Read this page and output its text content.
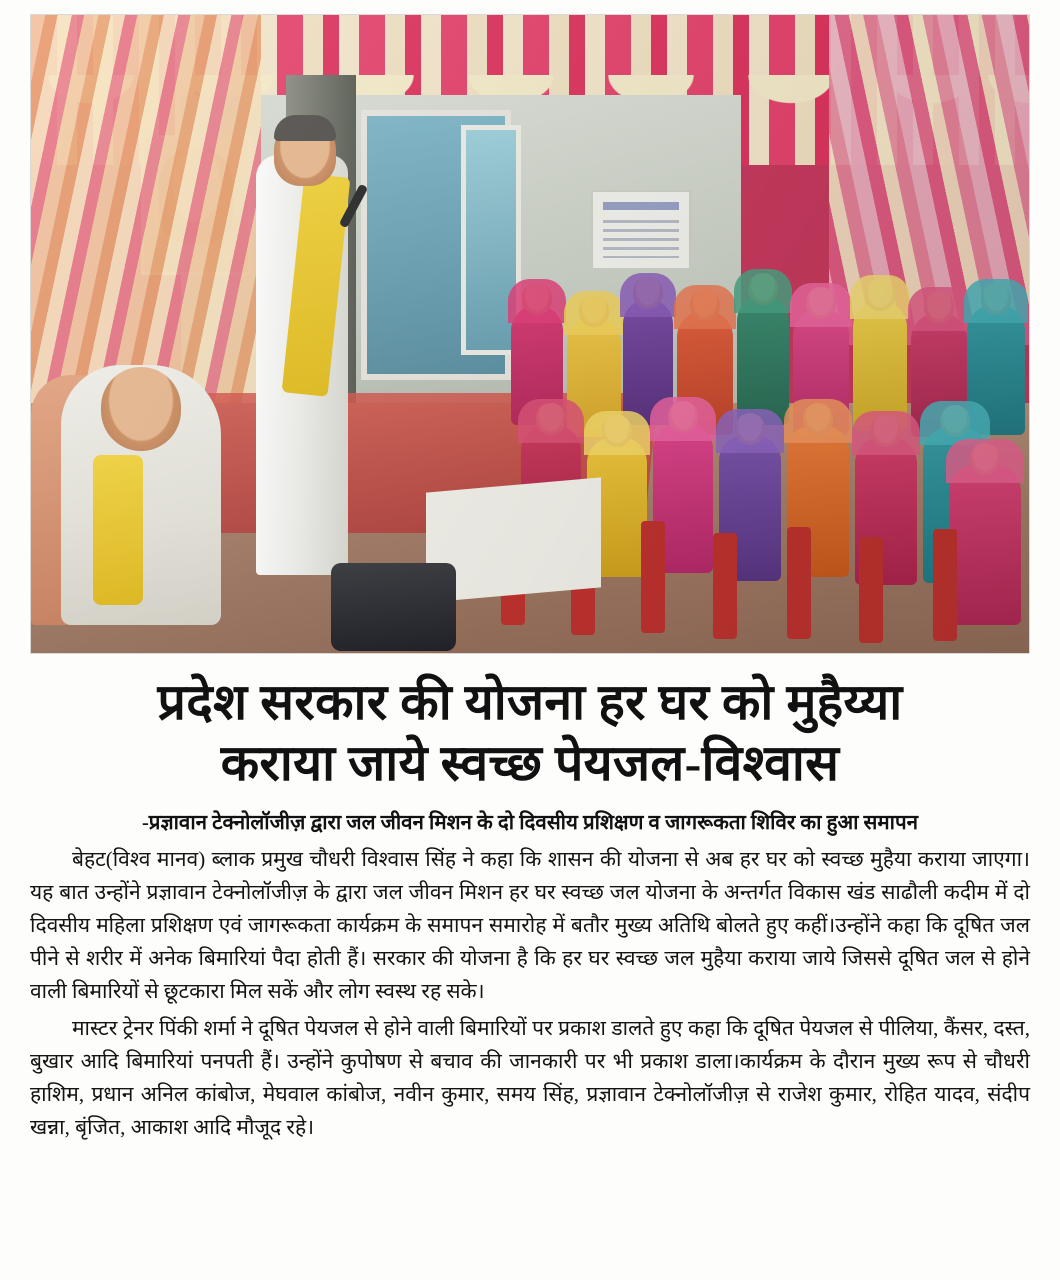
प्रदेश सरकार की योजना हर घर को मुहैय्या
कराया जाये स्वच्छ पेयजल-विश्वास
-प्रज्ञावान टेक्नोलॉजीज़ द्वारा जल जीवन मिशन के दो दिवसीय प्रशिक्षण व जागरूकता शिविर का हुआ समापन

बेहट(विश्व मानव) ब्लाक प्रमुख चौधरी विश्वास सिंह ने कहा कि शासन की योजना से अब हर घर को स्वच्छ मुहैया कराया जाएगा। यह बात उन्होंने प्रज्ञावान टेक्नोलॉजीज़ के द्वारा जल जीवन मिशन हर घर स्वच्छ जल योजना के अन्तर्गत विकास खंड साढौली कदीम में दो दिवसीय महिला प्रशिक्षण एवं जागरूकता कार्यक्रम के समापन समारोह में बतौर मुख्य अतिथि बोलते हुए कहीं।उन्होंने कहा कि दूषित जल पीने से शरीर में अनेक बिमारियां पैदा होती हैं। सरकार की योजना है कि हर घर स्वच्छ जल मुहैया कराया जाये जिससे दूषित जल से होने वाली बिमारियों से छूटकारा मिल सकें और लोग स्वस्थ रह सके।

मास्टर ट्रेनर पिंकी शर्मा ने दूषित पेयजल से होने वाली बिमारियों पर प्रकाश डालते हुए कहा कि दूषित पेयजल से पीलिया, कैंसर, दस्त, बुखार आदि बिमारियां पनपती हैं। उन्होंने कुपोषण से बचाव की जानकारी पर भी प्रकाश डाला।कार्यक्रम के दौरान मुख्य रूप से चौधरी हाशिम, प्रधान अनिल कांबोज, मेघवाल कांबोज, नवीन कुमार, समय सिंह, प्रज्ञावान टेक्नोलॉजीज़ से राजेश कुमार, रोहित यादव, संदीप खन्ना, बृंजित, आकाश आदि मौजूद रहे।
